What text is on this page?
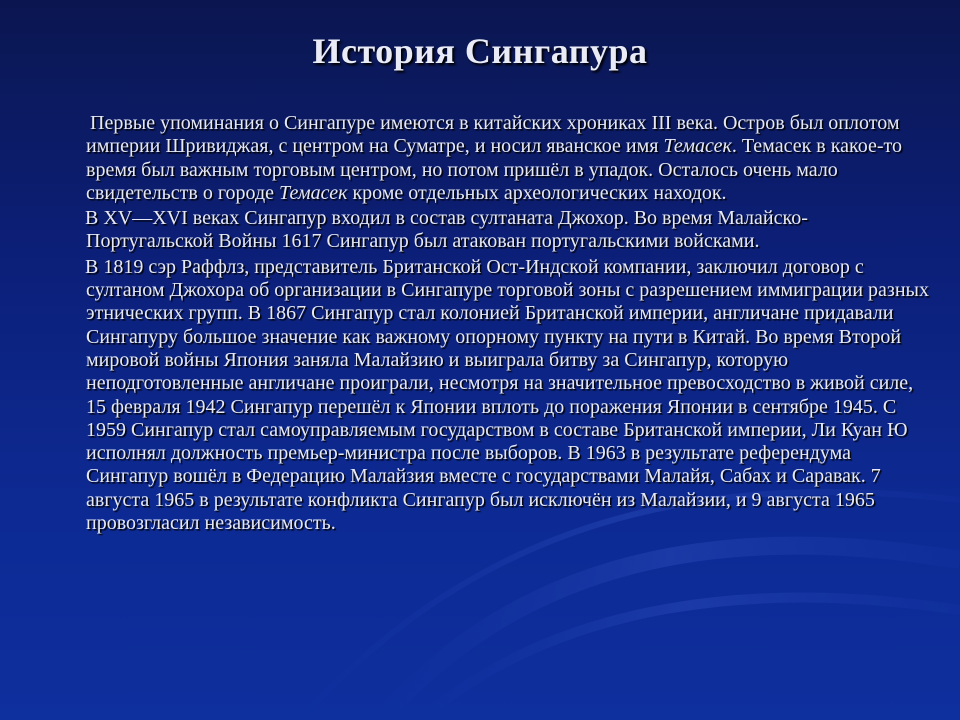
История Сингапура

Первые упоминания о Сингапуре имеются в китайских хрониках III века. Остров был оплотом империи Шривиджая, с центром на Суматре, и носил яванское имя Темасек. Темасек в какое-то время был важным торговым центром, но потом пришёл в упадок. Осталось очень мало свидетельств о городе Темасек кроме отдельных археологических находок.

В XV—XVI веках Сингапур входил в состав султаната Джохор. Во время Малайско-Португальской Войны 1617 Сингапур был атакован португальскими войсками.

В 1819 сэр Раффлз, представитель Британской Ост-Индской компании, заключил договор с султаном Джохора об организации в Сингапуре торговой зоны с разрешением иммиграции разных этнических групп. В 1867 Сингапур стал колонией Британской империи, англичане придавали Сингапуру большое значение как важному опорному пункту на пути в Китай. Во время Второй мировой войны Япония заняла Малайзию и выиграла битву за Сингапур, которую неподготовленные англичане проиграли, несмотря на значительное превосходство в живой силе, 15 февраля 1942 Сингапур перешёл к Японии вплоть до поражения Японии в сентябре 1945. С 1959 Сингапур стал самоуправляемым государством в составе Британской империи, Ли Куан Ю исполнял должность премьер-министра после выборов. В 1963 в результате референдума Сингапур вошёл в Федерацию Малайзия вместе с государствами Малайя, Сабах и Саравак. 7 августа 1965 в результате конфликта Сингапур был исключён из Малайзии, и 9 августа 1965 провозгласил независимость.
